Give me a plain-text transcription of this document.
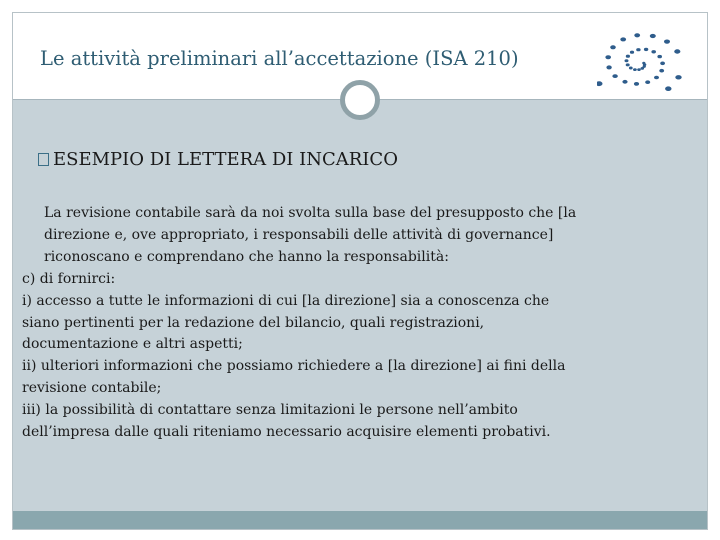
Le attività preliminari all’accettazione (ISA 210)
ESEMPIO DI LETTERA DI INCARICO
La revisione contabile sarà da noi svolta sulla base del presupposto che [la
direzione e, ove appropriato, i responsabili delle attività di governance]
riconoscano e comprendano che hanno la responsabilità:
c) di fornirci:
i) accesso a tutte le informazioni di cui [la direzione] sia a conoscenza che
siano pertinenti per la redazione del bilancio, quali registrazioni,
documentazione e altri aspetti;
ii) ulteriori informazioni che possiamo richiedere a [la direzione] ai fini della
revisione contabile;
iii) la possibilità di contattare senza limitazioni le persone nell’ambito
dell’impresa dalle quali riteniamo necessario acquisire elementi probativi.
